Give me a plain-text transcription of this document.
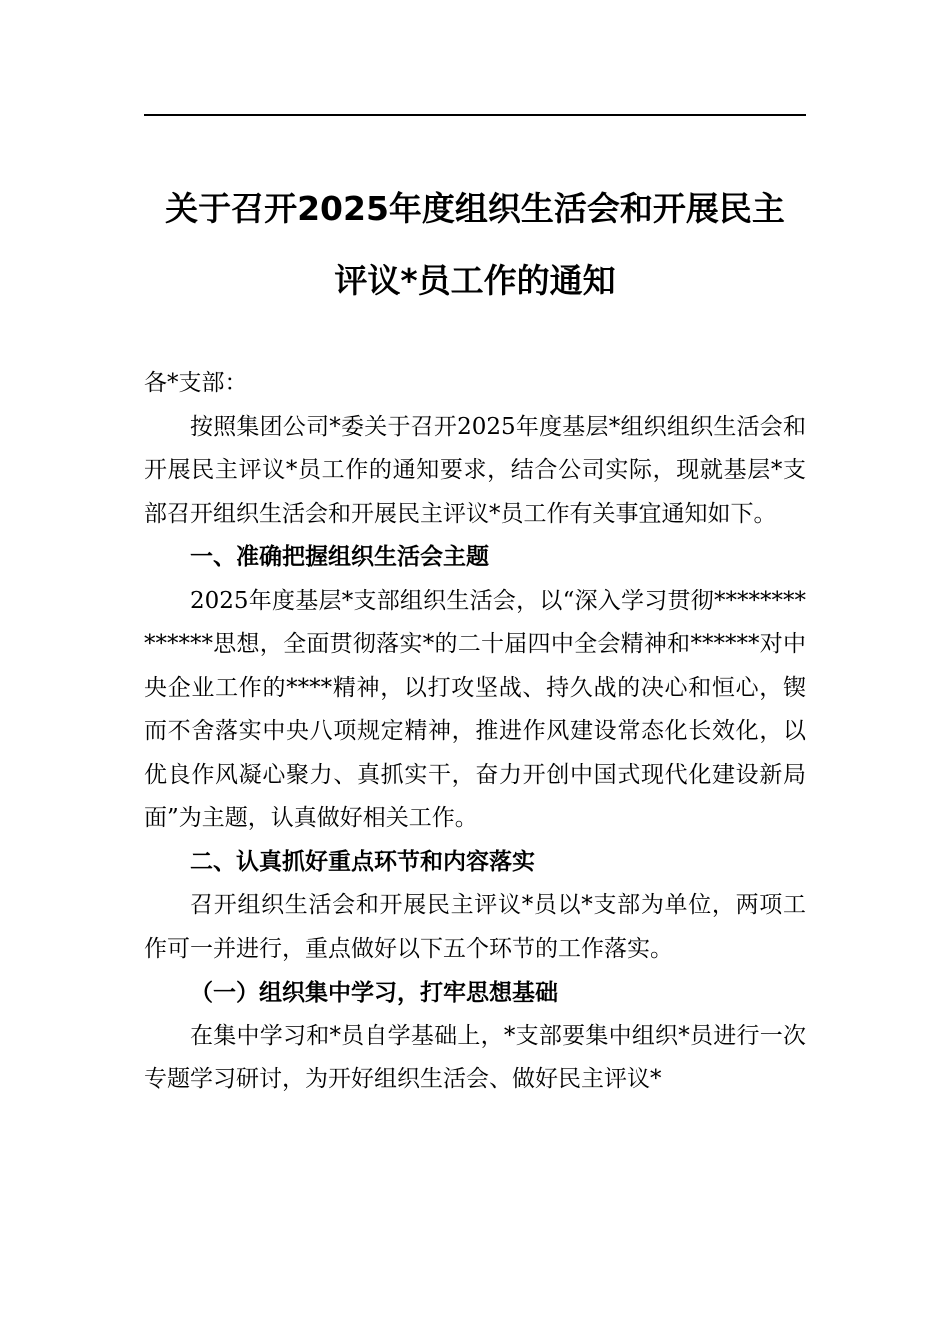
关于召开2025年度组织生活会和开展民主
评议*员工作的通知

各*支部：

按照集团公司*委关于召开2025年度基层*组织组织生活会和开展民主评议*员工作的通知要求，结合公司实际，现就基层*支部召开组织生活会和开展民主评议*员工作有关事宜通知如下。

一、准确把握组织生活会主题

2025年度基层*支部组织生活会，以“深入学习贯彻**************思想，全面贯彻落实*的二十届四中全会精神和******对中央企业工作的****精神，以打攻坚战、持久战的决心和恒心，锲而不舍落实中央八项规定精神，推进作风建设常态化长效化，以优良作风凝心聚力、真抓实干，奋力开创中国式现代化建设新局面”为主题，认真做好相关工作。

二、认真抓好重点环节和内容落实

召开组织生活会和开展民主评议*员以*支部为单位，两项工作可一并进行，重点做好以下五个环节的工作落实。

（一）组织集中学习，打牢思想基础

在集中学习和*员自学基础上，*支部要集中组织*员进行一次专题学习研讨，为开好组织生活会、做好民主评议*
